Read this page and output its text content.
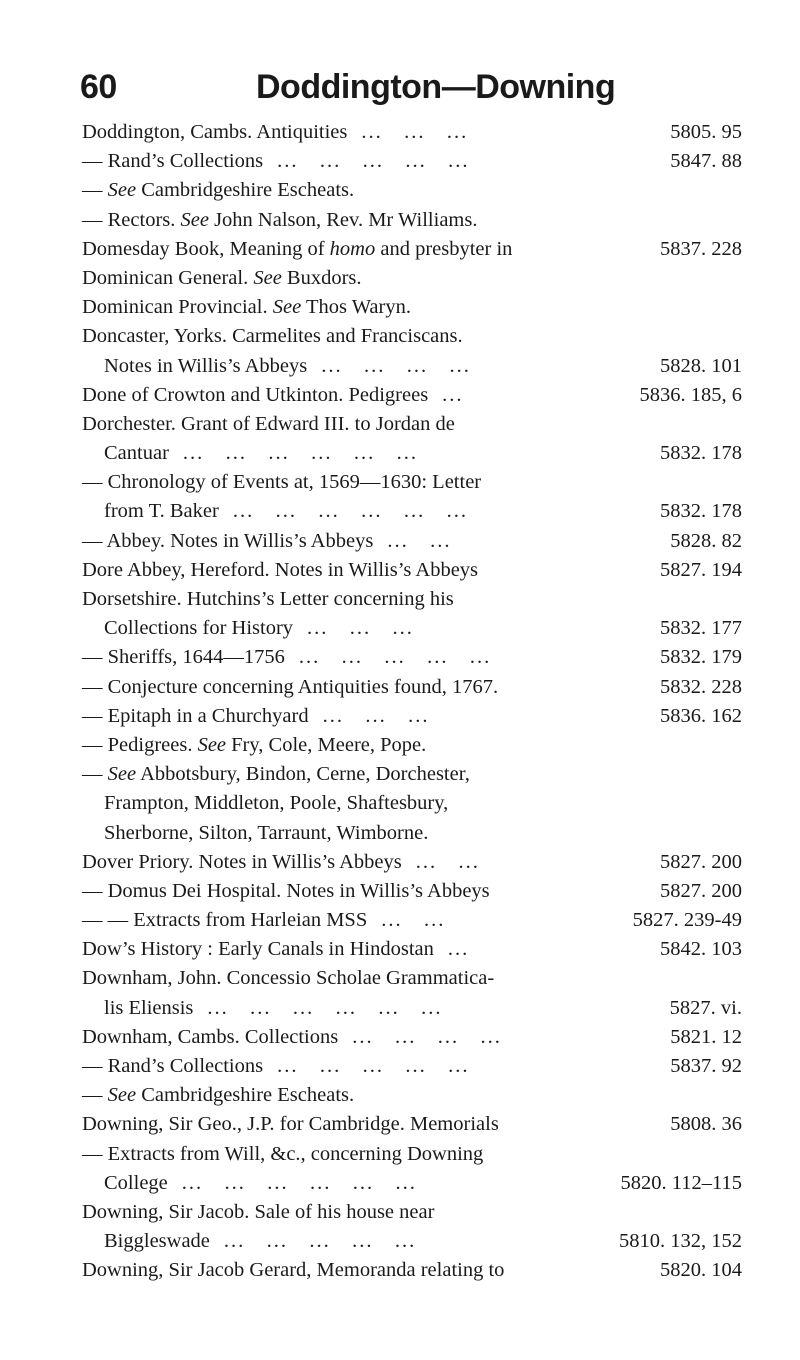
60	Doddington—Downing
Doddington, Cambs. Antiquities ...   ...   ...	5805. 95
— Rand’s Collections ...   ...   ...   ...   ...	5847. 88
— See Cambridgeshire Escheats.
— Rectors. See John Nalson, Rev. Mr Williams.
Domesday Book, Meaning of homo and presbyter in	5837. 228
Dominican General. See Buxdors.
Dominican Provincial. See Thos Waryn.
Doncaster, Yorks. Carmelites and Franciscans.
Notes in Willis’s Abbeys ...   ...   ...   ...	5828. 101
Done of Crowton and Utkinton. Pedigrees ...	5836. 185, 6
Dorchester. Grant of Edward III. to Jordan de
Cantuar ...   ...   ...   ...   ...   ...	5832. 178
— Chronology of Events at, 1569—1630: Letter
from T. Baker ...   ...   ...   ...   ...   ...	5832. 178
— Abbey. Notes in Willis’s Abbeys ...   ...	5828. 82
Dore Abbey, Hereford. Notes in Willis’s Abbeys	5827. 194
Dorsetshire. Hutchins’s Letter concerning his
Collections for History ...   ...   ...	5832. 177
— Sheriffs, 1644—1756 ...   ...   ...   ...   ...	5832. 179
— Conjecture concerning Antiquities found, 1767.	5832. 228
— Epitaph in a Churchyard ...   ...   ...	5836. 162
— Pedigrees. See Fry, Cole, Meere, Pope.
— See Abbotsbury, Bindon, Cerne, Dorchester,
Frampton, Middleton, Poole, Shaftesbury,
Sherborne, Silton, Tarraunt, Wimborne.
Dover Priory. Notes in Willis’s Abbeys ...   ...	5827. 200
— Domus Dei Hospital. Notes in Willis’s Abbeys	5827. 200
— — Extracts from Harleian MSS ...   ...	5827. 239-49
Dow’s History : Early Canals in Hindostan ...	5842. 103
Downham, John. Concessio Scholae Grammatica-
lis Eliensis ...   ...   ...   ...   ...   ...	5827. vi.
Downham, Cambs. Collections ...   ...   ...   ...	5821. 12
— Rand’s Collections ...   ...   ...   ...   ...	5837. 92
— See Cambridgeshire Escheats.
Downing, Sir Geo., J.P. for Cambridge. Memorials	5808. 36
— Extracts from Will, &c., concerning Downing
College ...   ...   ...   ...   ...   ...	5820. 112–115
Downing, Sir Jacob. Sale of his house near
Biggleswade ...   ...   ...   ...   ...	5810. 132, 152
Downing, Sir Jacob Gerard, Memoranda relating to	5820. 104
